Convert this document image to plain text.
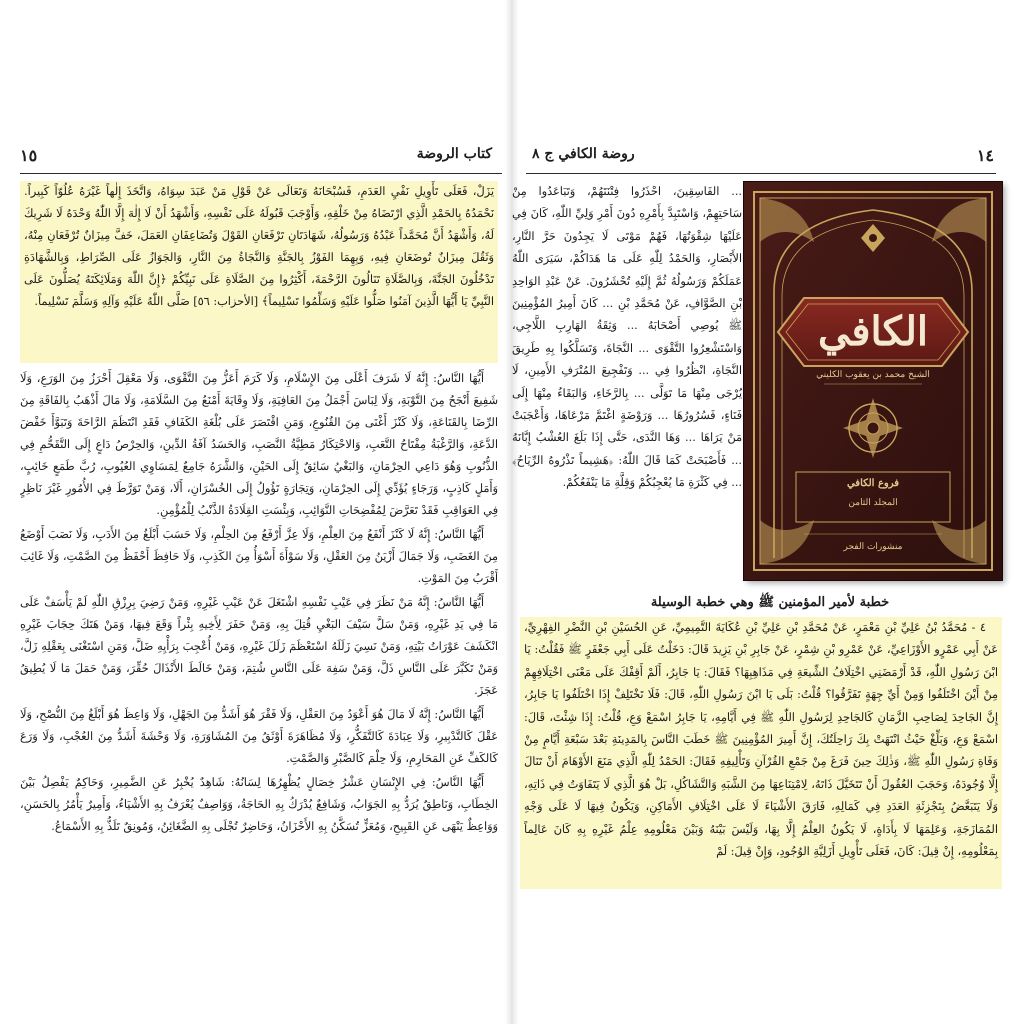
١٥	كتاب الروضة

يَزَلْ، فَعَلَى تَأْوِيلِ نَفْيِ العَدَمِ، فَسُبْحَانَهُ وَتَعَالَى عَنْ قَوْلِ مَنْ عَبَدَ سِوَاهُ، وَاتَّخَذَ إِلٰهاً غَيْرَهُ عُلُوّاً كَبِيراً. نَحْمَدُهُ بِالحَمْدِ الَّذِي ارْتَضَاهُ مِنْ خَلْقِهِ، وَأَوْجَبَ قَبُولَهُ عَلَى نَفْسِهِ، وَأَشْهَدُ أَنْ لَا إِلٰهَ إِلَّا اللّٰهُ وَحْدَهُ لَا شَرِيكَ لَهُ، وَأَشْهَدُ أَنَّ مُحَمَّداً عَبْدُهُ وَرَسُولُهُ، شَهَادَتَانِ تَرْفَعَانِ القَوْلَ وَتُضَاعِفَانِ العَمَلَ، خَفَّ مِيزَانٌ تُرْفَعَانِ مِنْهُ، وَثَقُلَ مِيزَانٌ تُوضَعَانِ فِيهِ، وَبِهِمَا الفَوْزُ بِالجَنَّةِ وَالنَّجَاةُ مِنَ النَّارِ، وَالجَوَازُ عَلَى الصِّرَاطِ، وَبِالشَّهَادَةِ تَدْخُلُونَ الجَنَّةَ، وَبِالصَّلَاةِ تَنَالُونَ الرَّحْمَةَ، أَكْثِرُوا مِنَ الصَّلَاةِ عَلَى نَبِيِّكُمْ ﴿إِنَّ اللّٰهَ وَمَلَائِكَتَهُ يُصَلُّونَ عَلَى النَّبِيِّ يَا أَيُّهَا الَّذِينَ آمَنُوا صَلُّوا عَلَيْهِ وَسَلِّمُوا تَسْلِيماً﴾ [الأحزاب: ٥٦] صَلَّى اللّٰهُ عَلَيْهِ وَآلِهِ وَسَلَّمَ تَسْلِيماً.

أَيُّهَا النَّاسُ: إِنَّهُ لَا شَرَفَ أَعْلَى مِنَ الإِسْلَامِ، وَلَا كَرَمَ أَعَزُّ مِنَ التَّقْوَى، وَلَا مَعْقِلَ أَحْرَزُ مِنَ الوَرَعِ، وَلَا شَفِيعَ أَنْجَحُ مِنَ التَّوْبَةِ، وَلَا لِبَاسَ أَجْمَلُ مِنَ العَافِيَةِ، وَلَا وِقَايَةَ أَمْنَعُ مِنَ السَّلَامَةِ، وَلَا مَالَ أَذْهَبُ بِالفَاقَةِ مِنَ الرِّضَا بِالقَنَاعَةِ، وَلَا كَنْزَ أَغْنَى مِنَ القُنُوعِ، وَمَنِ اقْتَصَرَ عَلَى بُلْغَةِ الكَفَافِ فَقَدِ انْتَظَمَ الرَّاحَةَ وَتَبَوَّأَ خَفْضَ الدَّعَةِ، وَالرَّغْبَةُ مِفْتَاحُ التَّعَبِ، وَالاحْتِكَارُ مَطِيَّةُ النَّصَبِ، وَالحَسَدُ آفَةُ الدِّينِ، وَالحِرْصُ دَاعٍ إِلَى التَّقَحُّمِ فِي الذُّنُوبِ وَهُوَ دَاعِي الحِرْمَانِ، وَالبَغْيُ سَائِقٌ إِلَى الحَيْنِ، وَالشَّرَهُ جَامِعٌ لِمَسَاوِي العُيُوبِ، رُبَّ طَمَعٍ خَائِبٍ، وَأَمَلٍ كَاذِبٍ، وَرَجَاءٍ يُؤَدِّي إِلَى الحِرْمَانِ، وَتِجَارَةٍ تَؤُولُ إِلَى الخُسْرَانِ، أَلَا، وَمَنْ تَوَرَّطَ فِي الأُمُورِ غَيْرَ نَاظِرٍ فِي العَوَاقِبِ فَقَدْ تَعَرَّضَ لِمُفْضِحَاتِ النَّوَائِبِ، وَبِئْسَتِ القِلَادَةُ الذَّنْبُ لِلْمُؤْمِنِ.

أَيُّهَا النَّاسُ: إِنَّهُ لَا كَنْزَ أَنْفَعُ مِنَ العِلْمِ، وَلَا عِزَّ أَرْفَعُ مِنَ الحِلْمِ، وَلَا حَسَبَ أَبْلَغُ مِنَ الأَدَبِ، وَلَا نَصَبَ أَوْضَعُ مِنَ الغَضَبِ، وَلَا جَمَالَ أَزْيَنُ مِنَ العَقْلِ، وَلَا سَوْأَةَ أَسْوَأُ مِنَ الكَذِبِ، وَلَا حَافِظَ أَحْفَظُ مِنَ الصَّمْتِ، وَلَا غَائِبَ أَقْرَبُ مِنَ المَوْتِ.

أَيُّهَا النَّاسُ: إِنَّهُ مَنْ نَظَرَ فِي عَيْبِ نَفْسِهِ اشْتَغَلَ عَنْ عَيْبِ غَيْرِهِ، وَمَنْ رَضِيَ بِرِزْقِ اللّٰهِ لَمْ يَأْسَفْ عَلَى مَا فِي يَدِ غَيْرِهِ، وَمَنْ سَلَّ سَيْفَ البَغْيِ قُتِلَ بِهِ، وَمَنْ حَفَرَ لِأَخِيهِ بِئْراً وَقَعَ فِيهَا، وَمَنْ هَتَكَ حِجَابَ غَيْرِهِ انْكَشَفَ عَوْرَاتُ بَيْتِهِ، وَمَنْ نَسِيَ زَلَلَهُ اسْتَعْظَمَ زَلَلَ غَيْرِهِ، وَمَنْ أُعْجِبَ بِرَأْيِهِ ضَلَّ، وَمَنِ اسْتَغْنَى بِعَقْلِهِ زَلَّ، وَمَنْ تَكَبَّرَ عَلَى النَّاسِ ذَلَّ، وَمَنْ سَفِهَ عَلَى النَّاسِ شُتِمَ، وَمَنْ خَالَطَ الأَنْذَالَ حُقِّرَ، وَمَنْ حَمَلَ مَا لَا يُطِيقُ عَجَزَ.

أَيُّهَا النَّاسُ: إِنَّهُ لَا مَالَ هُوَ أَعْوَدُ مِنَ العَقْلِ، وَلَا فَقْرَ هُوَ أَشَدُّ مِنَ الجَهْلِ، وَلَا وَاعِظَ هُوَ أَبْلَغُ مِنَ النُّصْحِ، وَلَا عَقْلَ كَالتَّدْبِيرِ، وَلَا عِبَادَةَ كَالتَّفَكُّرِ، وَلَا مُظَاهَرَةَ أَوْثَقُ مِنَ المُشَاوَرَةِ، وَلَا وَحْشَةَ أَشَدُّ مِنَ العُجْبِ، وَلَا وَرَعَ كَالكَفِّ عَنِ المَحَارِمِ، وَلَا حِلْمَ كَالصَّبْرِ وَالصَّمْتِ.

أَيُّهَا النَّاسُ: فِي الإِنْسَانِ عَشْرُ خِصَالٍ يُظْهِرُهَا لِسَانُهُ: شَاهِدٌ يُخْبِرُ عَنِ الضَّمِيرِ، وَحَاكِمٌ يَفْصِلُ بَيْنَ الخِطَابِ، وَنَاطِقٌ يُرَدُّ بِهِ الجَوَابُ، وَشَافِعٌ يُدْرَكُ بِهِ الحَاجَةُ، وَوَاصِفٌ يُعْرَفُ بِهِ الأَشْيَاءُ، وَأَمِيرٌ يَأْمُرُ بِالحَسَنِ، وَوَاعِظٌ يَنْهَى عَنِ القَبِيحِ، وَمُعَزٍّ تُسَكَّنُ بِهِ الأَحْزَانُ، وَحَاضِرٌ تُجْلَى بِهِ الضَّغَائِنُ، وَمُونِقٌ تَلَذُّ بِهِ الأَسْمَاعُ.

١٤
روضة الكافي ج ٨

... الفَاسِقِينَ، احْذَرُوا فِتْنَتَهُمْ، وَتَبَاعَدُوا مِنْ سَاحَتِهِمْ، وَاسْتَبِدَّ بِأَمْرِهِ دُونَ أَمْرِ وَلِيِّ اللّٰهِ، كَانَ فِي عَلَيْهَا شِقْوَتُهَا، فَهُمْ مَوْتَى لَا يَجِدُونَ حَرَّ النَّارِ، الأَبْصَارِ، وَالحَمْدُ لِلّٰهِ عَلَى مَا هَدَاكُمْ، سَيَرَى اللّٰهُ عَمَلَكُمْ وَرَسُولُهُ ثُمَّ إِلَيْهِ تُحْشَرُونَ. عَنْ عَبْدِ الوَاحِدِ بْنِ الصَّوَّافِ، عَنْ مُحَمَّدِ بْنِ ... كَانَ أَمِيرُ المُؤْمِنِينَ ﷺ يُوصِي أَصْحَابَهُ ... وَثِقَةُ الهَارِبِ اللَّاجِي، وَاسْتَشْعِرُوا التَّقْوَى ... النَّجَاةَ، وَتَسَلَّكُوا بِهِ طَرِيقَ النَّجَاةِ، انْظُرُوا فِي ... وَتَفْجِيعَ المُتْرَفِ الأَمِينِ، لَا يُرْجَى مِنْهَا مَا تَوَلَّى ... بِالرَّخَاءِ، وَالبَقَاءُ مِنْهَا إِلَى فَنَاءٍ، فَسُرُورُهَا ... وَرَوْضَةٍ اغْتَمَّ مَرْعَاهَا، وَأَعْجَبَتْ مَنْ يَرَاهَا ... وَهَا النَّدَى، حَتَّى إِذَا بَلَغَ العُشْبُ إِبَّانَهُ ... فَأَصْبَحَتْ كَمَا قَالَ اللّٰهُ: ﴿هَشِيماً تَذْرُوهُ الرِّيَاحُ﴾ ... فِي كَثْرَةِ مَا يُعْجِبُكُمْ وَقِلَّةِ مَا يَنْفَعُكُمْ.

الكافي
الشيخ محمد بن يعقوب الكليني
فروع الكافي
المجلد الثامن
منشورات الفجر
خطبة لأمير المؤمنين ﷺ وهي خطبة الوسيلة

٤ - مُحَمَّدُ بْنُ عَلِيِّ بْنِ مَعْمَرٍ، عَنْ مُحَمَّدِ بْنِ عَلِيِّ بْنِ عُكَايَةَ التَّمِيمِيِّ، عَنِ الحُسَيْنِ بْنِ النَّضْرِ الفِهْرِيِّ، عَنْ أَبِي عَمْرٍو الأَوْزَاعِيِّ، عَنْ عَمْرِو بْنِ شِمْرٍ، عَنْ جَابِرِ بْنِ يَزِيدَ قَالَ: دَخَلْتُ عَلَى أَبِي جَعْفَرٍ ﷺ فَقُلْتُ: يَا ابْنَ رَسُولِ اللّٰهِ، قَدْ أَرْمَضَنِي اخْتِلَافُ الشِّيعَةِ فِي مَذَاهِبِهَا؟ فَقَالَ: يَا جَابِرُ، أَلَمْ أَقِفْكَ عَلَى مَعْنَى اخْتِلَافِهِمْ مِنْ أَيْنَ اخْتَلَفُوا وَمِنْ أَيِّ جِهَةٍ تَفَرَّقُوا؟ قُلْتُ: بَلَى يَا ابْنَ رَسُولِ اللّٰهِ، قَالَ: فَلَا تَخْتَلِفْ إِذَا اخْتَلَفُوا يَا جَابِرُ، إِنَّ الجَاحِدَ لِصَاحِبِ الزَّمَانِ كَالجَاحِدِ لِرَسُولِ اللّٰهِ ﷺ فِي أَيَّامِهِ، يَا جَابِرُ اسْمَعْ وَعِ، قُلْتُ: إِذَا شِئْتَ، قَالَ: اسْمَعْ وَعِ، وَبَلِّغْ حَيْثُ انْتَهَتْ بِكَ رَاحِلَتُكَ، إِنَّ أَمِيرَ المُؤْمِنِينَ ﷺ خَطَبَ النَّاسَ بِالمَدِينَةِ بَعْدَ سَبْعَةِ أَيَّامٍ مِنْ وَفَاةِ رَسُولِ اللّٰهِ ﷺ، وَذٰلِكَ حِينَ فَرَغَ مِنْ جَمْعِ القُرْآنِ وَتَأْلِيفِهِ فَقَالَ: الحَمْدُ لِلّٰهِ الَّذِي مَنَعَ الأَوْهَامَ أَنْ تَنَالَ إِلَّا وُجُودَهُ، وَحَجَبَ العُقُولَ أَنْ تَتَخَيَّلَ ذَاتَهُ، لِامْتِنَاعِهَا مِنَ الشَّبَهِ وَالتَّشَاكُلِ، بَلْ هُوَ الَّذِي لَا يَتَفَاوَتُ فِي ذَاتِهِ، وَلَا يَتَبَعَّضُ بِتَجْزِئَةِ العَدَدِ فِي كَمَالِهِ، فَارَقَ الأَشْيَاءَ لَا عَلَى اخْتِلَافِ الأَمَاكِنِ، وَيَكُونُ فِيهَا لَا عَلَى وَجْهِ المُمَازَجَةِ، وَعَلِمَهَا لَا بِأَدَاةٍ، لَا يَكُونُ العِلْمُ إِلَّا بِهَا، وَلَيْسَ بَيْنَهُ وَبَيْنَ مَعْلُومِهِ عِلْمُ غَيْرِهِ بِهِ كَانَ عَالِماً بِمَعْلُومِهِ، إِنْ قِيلَ: كَانَ، فَعَلَى تَأْوِيلِ أَزَلِيَّةِ الوُجُودِ، وَإِنْ قِيلَ: لَمْ
